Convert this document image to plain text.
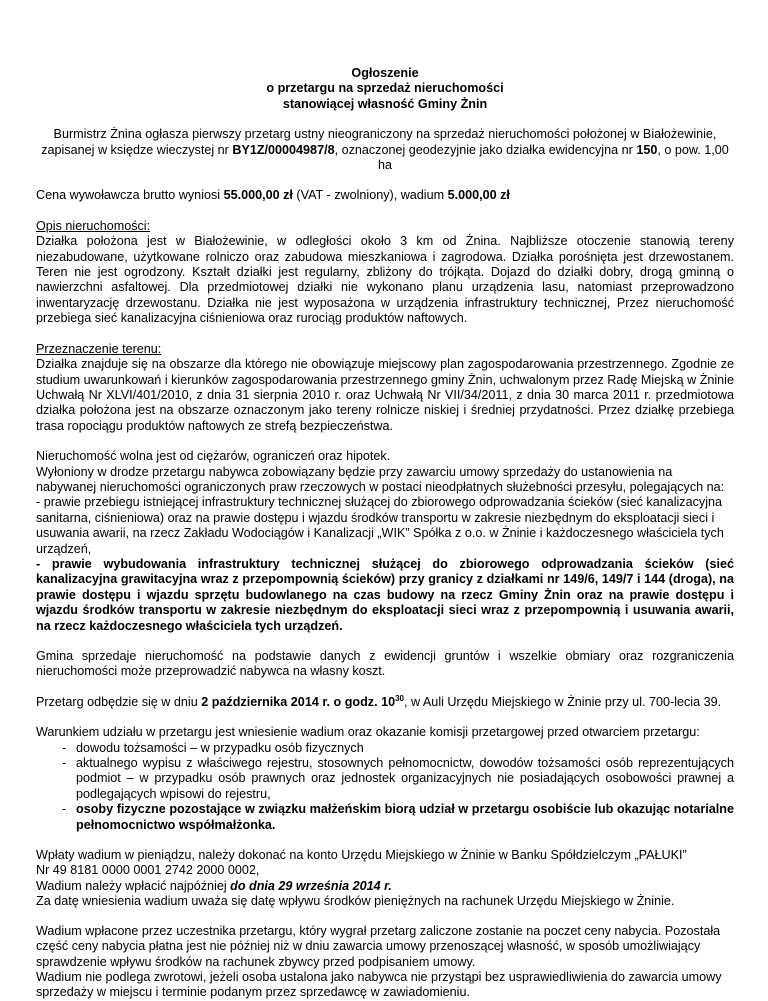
Ogłoszenie
o przetargu na sprzedaż nieruchomości
stanowiącej własność Gminy Żnin

Burmistrz Żnina ogłasza pierwszy przetarg ustny nieograniczony na sprzedaż nieruchomości położonej w Białożewinie, zapisanej w księdze wieczystej nr BY1Z/00004987/8, oznaczonej geodezyjnie jako działka ewidencyjna nr 150, o pow. 1,00 ha

Cena wywoławcza brutto wyniosi 55.000,00 zł (VAT - zwolniony), wadium 5.000,00 zł

Opis nieruchomości:

Działka położona jest w Białożewinie, w odległości około 3 km od Żnina. Najbliższe otoczenie stanowią tereny niezabudowane, użytkowane rolniczo oraz zabudowa mieszkaniowa i zagrodowa. Działka porośnięta jest drzewostanem. Teren nie jest ogrodzony. Kształt działki jest regularny, zbliżony do trójkąta. Dojazd do działki dobry, drogą gminną o nawierzchni asfaltowej. Dla przedmiotowej działki nie wykonano planu urządzenia lasu, natomiast przeprowadzono inwentaryzację drzewostanu. Działka nie jest wyposażona w urządzenia infrastruktury technicznej, Przez nieruchomość przebiega sieć kanalizacyjna ciśnieniowa oraz rurociąg produktów naftowych.

Przeznaczenie terenu:

Działka znajduje się na obszarze dla którego nie obowiązuje miejscowy plan zagospodarowania przestrzennego. Zgodnie ze studium uwarunkowań i kierunków zagospodarowania przestrzennego gminy Żnin, uchwalonym przez Radę Miejską w Żninie Uchwałą Nr XLVI/401/2010, z dnia 31 sierpnia 2010 r. oraz Uchwałą Nr VII/34/2011, z dnia 30 marca 2011 r. przedmiotowa działka położona jest na obszarze oznaczonym jako tereny rolnicze niskiej i średniej przydatności. Przez działkę przebiega trasa ropociągu produktów naftowych ze strefą bezpieczeństwa.

Nieruchomość wolna jest od ciężarów, ograniczeń oraz hipotek.

Wyłoniony w drodze przetargu nabywca zobowiązany będzie przy zawarciu umowy sprzedaży do ustanowienia na nabywanej nieruchomości ograniczonych praw rzeczowych w postaci nieodpłatnych służebności przesyłu, polegających na:

- prawie przebiegu istniejącej infrastruktury technicznej służącej do zbiorowego odprowadzania ścieków (sieć kanalizacyjna sanitarna, ciśnieniowa) oraz na prawie dostępu i wjazdu środków transportu w zakresie niezbędnym do eksploatacji sieci i usuwania awarii, na rzecz Zakładu Wodociągów i Kanalizacji „WIK” Spółka z o.o. w Żninie i każdoczesnego właściciela tych urządzeń,

- prawie wybudowania infrastruktury technicznej służącej do zbiorowego odprowadzania ścieków (sieć kanalizacyjna grawitacyjna wraz z przepompownią ścieków) przy granicy z działkami nr 149/6, 149/7 i 144 (droga), na prawie dostępu i wjazdu sprzętu budowlanego na czas budowy na rzecz Gminy Żnin oraz na prawie dostępu i wjazdu środków transportu w zakresie niezbędnym do eksploatacji sieci wraz z przepompownią i usuwania awarii, na rzecz każdoczesnego właściciela tych urządzeń.

Gmina sprzedaje nieruchomość na podstawie danych z ewidencji gruntów i wszelkie obmiary oraz rozgraniczenia nieruchomości może przeprowadzić nabywca na własny koszt.

Przetarg odbędzie się w dniu 2 października 2014 r. o godz. $10^{30}$, w Auli Urzędu Miejskiego w Żninie przy ul. 700-lecia 39.

Warunkiem udziału w przetargu jest wniesienie wadium oraz okazanie komisji przetargowej przed otwarciem przetargu:

- dowodu tożsamości – w przypadku osób fizycznych
- aktualnego wypisu z właściwego rejestru, stosownych pełnomocnictw, dowodów tożsamości osób reprezentujących podmiot – w przypadku osób prawnych oraz jednostek organizacyjnych nie posiadających osobowości prawnej a podlegających wpisowi do rejestru,
- osoby fizyczne pozostające w związku małżeńskim biorą udział w przetargu osobiście lub okazując notarialne pełnomocnictwo współmałżonka.

Wpłaty wadium w pieniądzu, należy dokonać na konto Urzędu Miejskiego w Żninie w Banku Spółdzielczym „PAŁUKI”

Nr 49 8181 0000 0001 2742 2000 0002,

Wadium należy wpłacić najpóźniej do dnia 29 września 2014 r.

Za datę wniesienia wadium uważa się datę wpływu środków pieniężnych na rachunek Urzędu Miejskiego w Żninie.

Wadium wpłacone przez uczestnika przetargu, który wygrał przetarg zaliczone zostanie na poczet ceny nabycia. Pozostała część ceny nabycia płatna jest nie później niż w dniu zawarcia umowy przenoszącej własność, w sposób umożliwiający sprawdzenie wpływu środków na rachunek zbywcy przed podpisaniem umowy.
Wadium nie podlega zwrotowi, jeżeli osoba ustalona jako nabywca nie przystąpi bez usprawiedliwienia do zawarcia umowy sprzedaży w miejscu i terminie podanym przez sprzedawcę w zawiadomieniu.
